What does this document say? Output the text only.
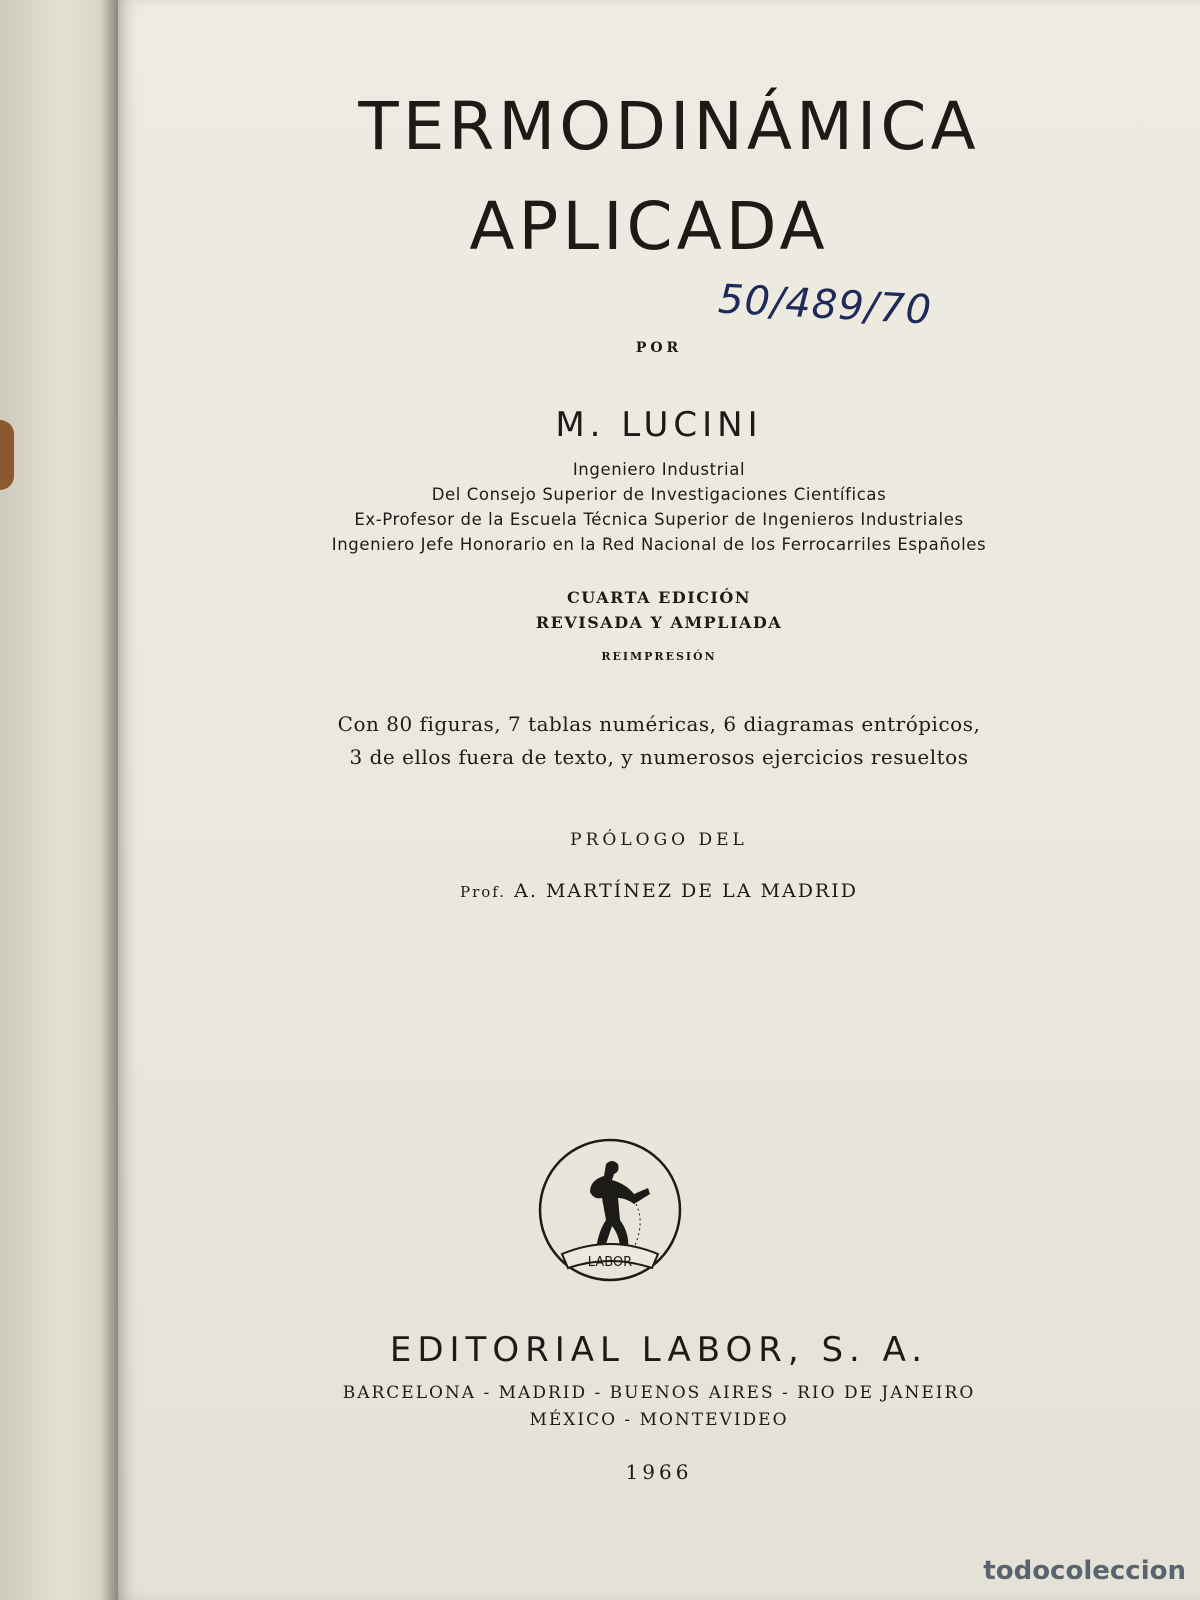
TERMODINÁMICA
APLICADA
50/489/70

POR

M. LUCINI

Ingeniero Industrial

Del Consejo Superior de Investigaciones Científicas

Ex-Profesor de la Escuela Técnica Superior de Ingenieros Industriales

Ingeniero Jefe Honorario en la Red Nacional de los Ferrocarriles Españoles

CUARTA EDICIÓN

REVISADA Y AMPLIADA

REIMPRESIÓN

Con 80 figuras, 7 tablas numéricas, 6 diagramas entrópicos,

3 de ellos fuera de texto, y numerosos ejercicios resueltos

PRÓLOGO DEL

Prof. A. MARTÍNEZ DE LA MADRID

LABOR

EDITORIAL LABOR, S. A.

BARCELONA - MADRID - BUENOS AIRES - RIO DE JANEIRO

MÉXICO - MONTEVIDEO

1966

todocoleccion
